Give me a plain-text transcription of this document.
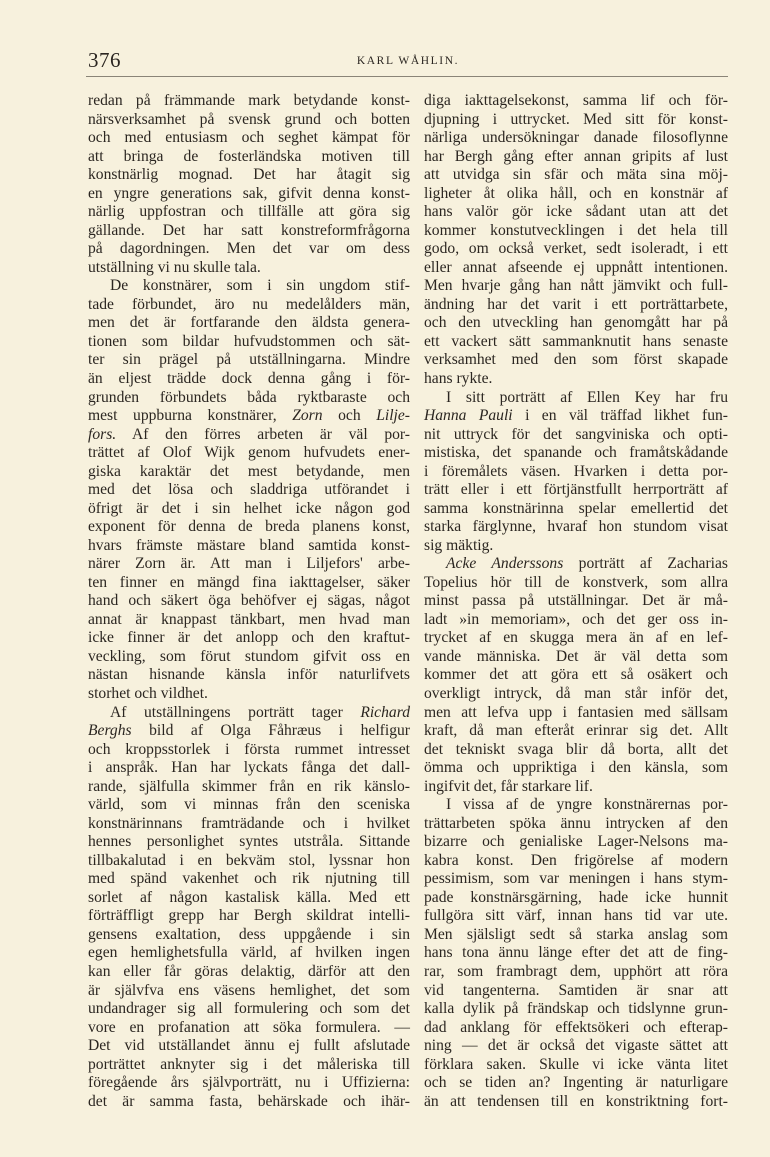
376	KARL WÅHLIN.
redan på främmande mark betydande konst-
närsverksamhet på svensk grund och botten
och med entusiasm och seghet kämpat för
att bringa de fosterländska motiven till
konstnärlig mognad. Det har åtagit sig
en yngre generations sak, gifvit denna konst-
närlig uppfostran och tillfälle att göra sig
gällande. Det har satt konstreformfrågorna
på dagordningen. Men det var om dess
utställning vi nu skulle tala.
De konstnärer, som i sin ungdom stif-
tade förbundet, äro nu medelålders män,
men det är fortfarande den äldsta genera-
tionen som bildar hufvudstommen och sät-
ter sin prägel på utställningarna. Mindre
än eljest trädde dock denna gång i för-
grunden förbundets båda ryktbaraste och
mest uppburna konstnärer, Zorn och Lilje-
fors. Af den förres arbeten är väl por-
trättet af Olof Wijk genom hufvudets ener-
giska karaktär det mest betydande, men
med det lösa och sladdriga utförandet i
öfrigt är det i sin helhet icke någon god
exponent för denna de breda planens konst,
hvars främste mästare bland samtida konst-
närer Zorn är. Att man i Liljefors' arbe-
ten finner en mängd fina iakttagelser, säker
hand och säkert öga behöfver ej sägas, något
annat är knappast tänkbart, men hvad man
icke finner är det anlopp och den kraftut-
veckling, som förut stundom gifvit oss en
nästan hisnande känsla inför naturlifvets
storhet och vildhet.
Af utställningens porträtt tager Richard
Berghs bild af Olga Fåhræus i helfigur
och kroppsstorlek i första rummet intresset
i anspråk. Han har lyckats fånga det dall-
rande, själfulla skimmer från en rik känslo-
värld, som vi minnas från den sceniska
konstnärinnans framträdande och i hvilket
hennes personlighet syntes utstråla. Sittande
tillbakalutad i en bekväm stol, lyssnar hon
med spänd vakenhet och rik njutning till
sorlet af någon kastalisk källa. Med ett
förträffligt grepp har Bergh skildrat intelli-
gensens exaltation, dess uppgående i sin
egen hemlighetsfulla värld, af hvilken ingen
kan eller får göras delaktig, därför att den
är självfva ens väsens hemlighet, det som
undandrager sig all formulering och som det
vore en profanation att söka formulera. —
Det vid utställandet ännu ej fullt afslutade
porträttet anknyter sig i det måleriska till
föregående års självporträtt, nu i Uffizierna:
det är samma fasta, behärskade och ihär-
diga iakttagelsekonst, samma lif och för-
djupning i uttrycket. Med sitt för konst-
närliga undersökningar danade filosoflynne
har Bergh gång efter annan gripits af lust
att utvidga sin sfär och mäta sina möj-
ligheter åt olika håll, och en konstnär af
hans valör gör icke sådant utan att det
kommer konstutvecklingen i det hela till
godo, om också verket, sedt isoleradt, i ett
eller annat afseende ej uppnått intentionen.
Men hvarje gång han nått jämvikt och full-
ändning har det varit i ett porträttarbete,
och den utveckling han genomgått har på
ett vackert sätt sammanknutit hans senaste
verksamhet med den som först skapade
hans rykte.
I sitt porträtt af Ellen Key har fru
Hanna Pauli i en väl träffad likhet fun-
nit uttryck för det sangviniska och opti-
mistiska, det spanande och framåtskådande
i föremålets väsen. Hvarken i detta por-
trätt eller i ett förtjänstfullt herrporträtt af
samma konstnärinna spelar emellertid det
starka färglynne, hvaraf hon stundom visat
sig mäktig.
Acke Anderssons porträtt af Zacharias
Topelius hör till de konstverk, som allra
minst passa på utställningar. Det är må-
ladt »in memoriam», och det ger oss in-
trycket af en skugga mera än af en lef-
vande människa. Det är väl detta som
kommer det att göra ett så osäkert och
overkligt intryck, då man står inför det,
men att lefva upp i fantasien med sällsam
kraft, då man efteråt erinrar sig det. Allt
det tekniskt svaga blir då borta, allt det
ömma och uppriktiga i den känsla, som
ingifvit det, får starkare lif.
I vissa af de yngre konstnärernas por-
trättarbeten spöka ännu intrycken af den
bizarre och genialiske Lager-Nelsons ma-
kabra konst. Den frigörelse af modern
pessimism, som var meningen i hans stym-
pade konstnärsgärning, hade icke hunnit
fullgöra sitt värf, innan hans tid var ute.
Men själsligt sedt så starka anslag som
hans tona ännu länge efter det att de fing-
rar, som frambragt dem, upphört att röra
vid tangenterna. Samtiden är snar att
kalla dylik på frändskap och tidslynne grun-
dad anklang för effektsökeri och efterap-
ning — det är också det vigaste sättet att
förklara saken. Skulle vi icke vänta litet
och se tiden an? Ingenting är naturligare
än att tendensen till en konstriktning fort-
